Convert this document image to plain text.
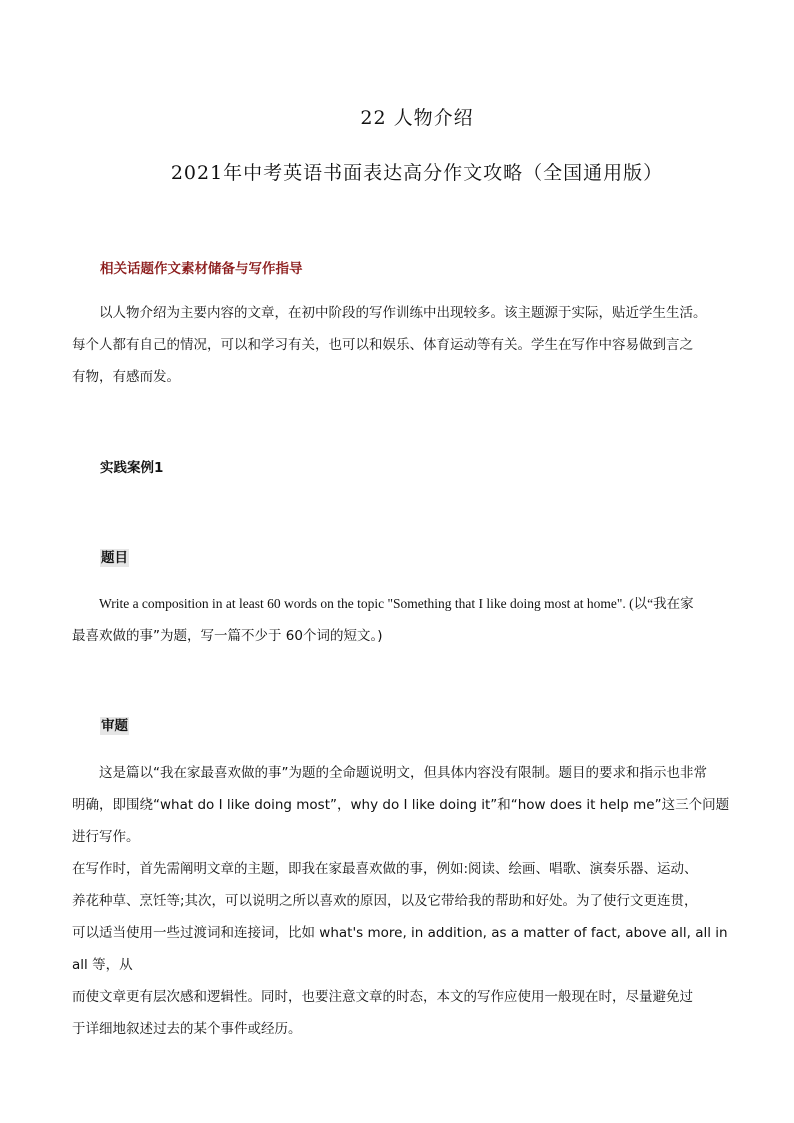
22 人物介绍
2021年中考英语书面表达高分作文攻略（全国通用版）
相关话题作文素材储备与写作指导
以人物介绍为主要内容的文章，在初中阶段的写作训练中出现较多。该主题源于实际，贴近学生生活。
每个人都有自己的情况，可以和学习有关，也可以和娱乐、体育运动等有关。学生在写作中容易做到言之
有物，有感而发。
实践案例1
题目
Write a composition in at least 60 words on the topic "Something that I like doing most at home". (以“我在家
最喜欢做的事”为题，写一篇不少于 60个词的短文。)
审题
这是篇以“我在家最喜欢做的事”为题的全命题说明文，但具体内容没有限制。题目的要求和指示也非常
明确，即围绕“what do I like doing most”，why do I like doing it”和“how does it help me”这三个问题进行写作。
在写作时，首先需阐明文章的主题，即我在家最喜欢做的事，例如:阅读、绘画、唱歌、演奏乐器、运动、
养花种草、烹饪等;其次，可以说明之所以喜欢的原因，以及它带给我的帮助和好处。为了使行文更连贯，
可以适当使用一些过渡词和连接词，比如 what's more, in addition, as a matter of fact, above all, all in all 等，从
而使文章更有层次感和逻辑性。同时，也要注意文章的时态，本文的写作应使用一般现在时，尽量避免过
于详细地叙述过去的某个事件或经历。
